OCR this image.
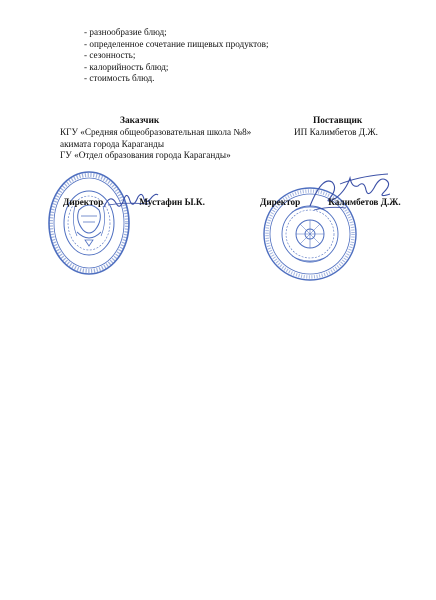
- разнообразие блюд;
- определенное сочетание пищевых продуктов;
- сезонность;
- калорийность блюд;
- стоимость блюд.
Заказчик	Поставщик
КГУ «Средняя общеобразовательная школа №8»
акимата города Караганды
ГУ «Отдел образования города Караганды»
ИП Калимбетов Д.Ж.
Директор	Мустафин Ы.К.	Директор	Калимбетов Д.Ж.
